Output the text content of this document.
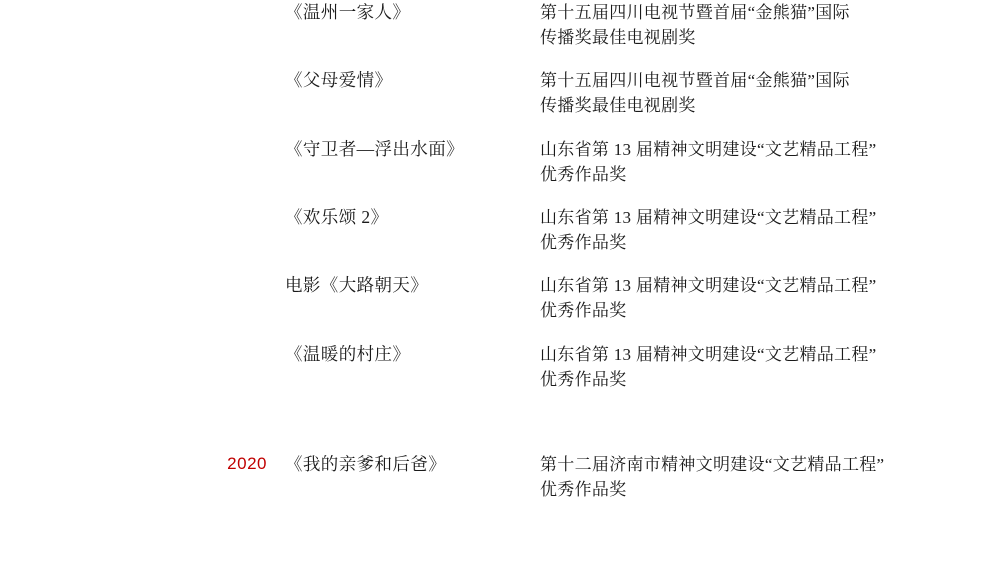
	《温州一家人》	第十五届四川电视节暨首届“金熊猫”国际
传播奖最佳电视剧奖

	《父母爱情》	第十五届四川电视节暨首届“金熊猫”国际
传播奖最佳电视剧奖

	《守卫者—浮出水面》	山东省第 13 届精神文明建设“文艺精品工程”
优秀作品奖

	《欢乐颂 2》	山东省第 13 届精神文明建设“文艺精品工程”
优秀作品奖

	电影《大路朝天》	山东省第 13 届精神文明建设“文艺精品工程”
优秀作品奖

	《温暖的村庄》	山东省第 13 届精神文明建设“文艺精品工程”
优秀作品奖

2020	《我的亲爹和后爸》	第十二届济南市精神文明建设“文艺精品工程”
优秀作品奖
